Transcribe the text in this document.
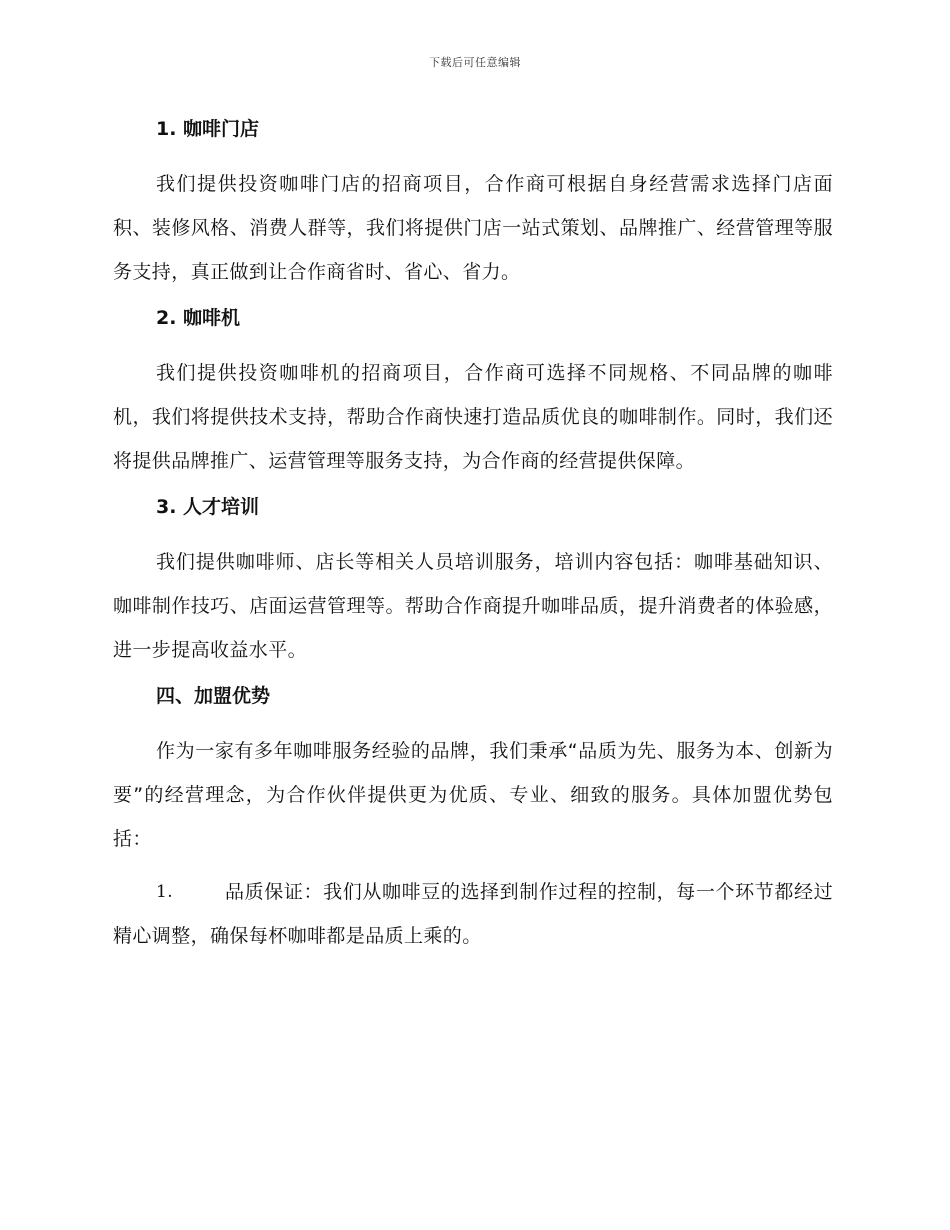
下载后可任意编辑
1. 咖啡门店

我们提供投资咖啡门店的招商项目，合作商可根据自身经营需求选择门店面积、装修风格、消费人群等，我们将提供门店一站式策划、品牌推广、经营管理等服务支持，真正做到让合作商省时、省心、省力。

2. 咖啡机

我们提供投资咖啡机的招商项目，合作商可选择不同规格、不同品牌的咖啡机，我们将提供技术支持，帮助合作商快速打造品质优良的咖啡制作。同时，我们还将提供品牌推广、运营管理等服务支持，为合作商的经营提供保障。

3. 人才培训

我们提供咖啡师、店长等相关人员培训服务，培训内容包括：咖啡基础知识、咖啡制作技巧、店面运营管理等。帮助合作商提升咖啡品质，提升消费者的体验感，进一步提高收益水平。

四、加盟优势

作为一家有多年咖啡服务经验的品牌，我们秉承“品质为先、服务为本、创新为要”的经营理念，为合作伙伴提供更为优质、专业、细致的服务。具体加盟优势包括：

1.	品质保证：我们从咖啡豆的选择到制作过程的控制，每一个环节都经过精心调整，确保每杯咖啡都是品质上乘的。
